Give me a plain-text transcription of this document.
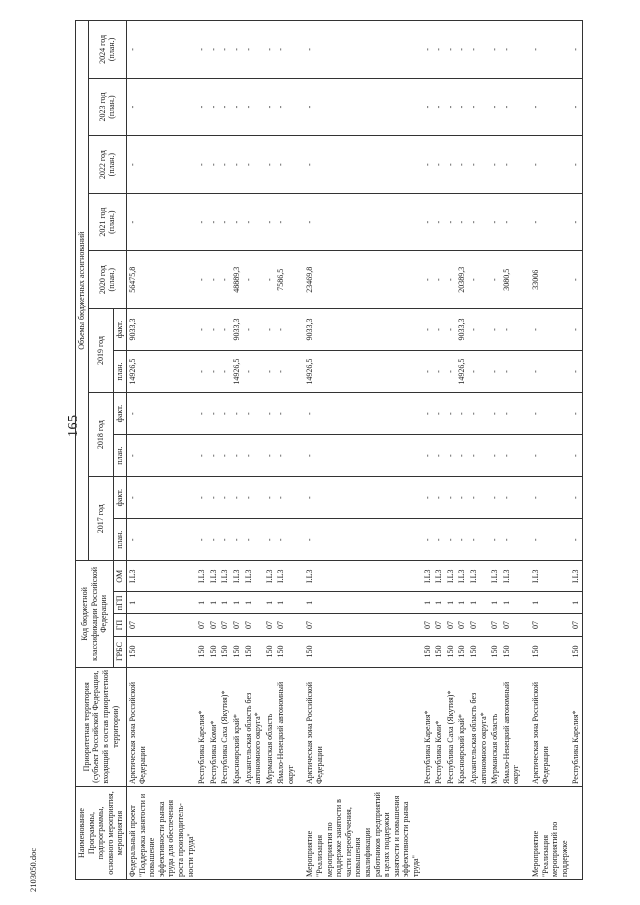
165
2103050.doc
Наименование Программы, подпрограммы, основного мероприятия, мероприятия	Приоритетная территория (субъект Российской Федерации, входящий в состав приоритетной территории)	Код бюджетной классификации Российской Федерации				Объемы бюджетных ассигнований										
						2017 год		2018 год		2019 год		2020 год (план.)	2021 год (план.)	2022 год (план.)	2023 год (план.)	2024 год (план.)
		ГРБС	ГП	пГП	ОМ	план.	факт.	план.	факт.	план.	факт.					
Федеральный проект "Поддержка занятости и повышение эффективности рынка труда для обеспечения роста производитель-ности труда"	Арктическая зона Российской Федерации	150	07	1	I.L3	-	-	-	-	14926,5	9033,3	56475,8	-	-	-	-
	Республика Карелия*	150	07	1	I.L3	-	-	-	-	-	-	-	-	-	-	-
	Республика Коми*	150	07	1	I.L3	-	-	-	-	-	-	-	-	-	-	-
	Республика Саха (Якутия)*	150	07	1	I.L3	-	-	-	-	-	-	-	-	-	-	-
	Красноярский край*	150	07	1	I.L3	-	-	-	-	14926,5	9033,3	48889,3	-	-	-	-
	Архангельская область без автономного округа*	150	07	1	I.L3	-	-	-	-	-	-	-	-	-	-	-
	Мурманская область	150	07	1	I.L3	-	-	-	-	-	-	-	-	-	-	-
	Ямало-Ненецкий автономный округ	150	07	1	I.L3	-	-	-	-	-	-	7586,5	-	-	-	-
Мероприятие "Реализация мероприятия по поддержке занятости в части переобучения, повышения квалификации работников предприятий в целях поддержки занятости и повышения эффективности рынка труда"	Арктическая зона Российской Федерации	150	07	1	I.L3	-	-	-	-	14926,5	9033,3	23469,8	-	-	-	-
	Республика Карелия*	150	07	1	I.L3	-	-	-	-	-	-	-	-	-	-	-
	Республика Коми*	150	07	1	I.L3	-	-	-	-	-	-	-	-	-	-	-
	Республика Саха (Якутия)*	150	07	1	I.L3	-	-	-	-	-	-	-	-	-	-	-
	Красноярский край*	150	07	1	I.L3	-	-	-	-	14926,5	9033,3	20389,3	-	-	-	-
	Архангельская область без автономного округа*	150	07	1	I.L3	-	-	-	-	-	-	-	-	-	-	-
	Мурманская область	150	07	1	I.L3	-	-	-	-	-	-	-	-	-	-	-
	Ямало-Ненецкий автономный округ	150	07	1	I.L3	-	-	-	-	-	-	3080,5	-	-	-	-
Мероприятие "Реализация мероприятий по поддержке	Арктическая зона Российской Федерации	150	07	1	I.L3	-	-	-	-	-	-	33006	-	-	-	-
	Республика Карелия*	150	07	1	I.L3	-	-	-	-	-	-	-	-	-	-	-
